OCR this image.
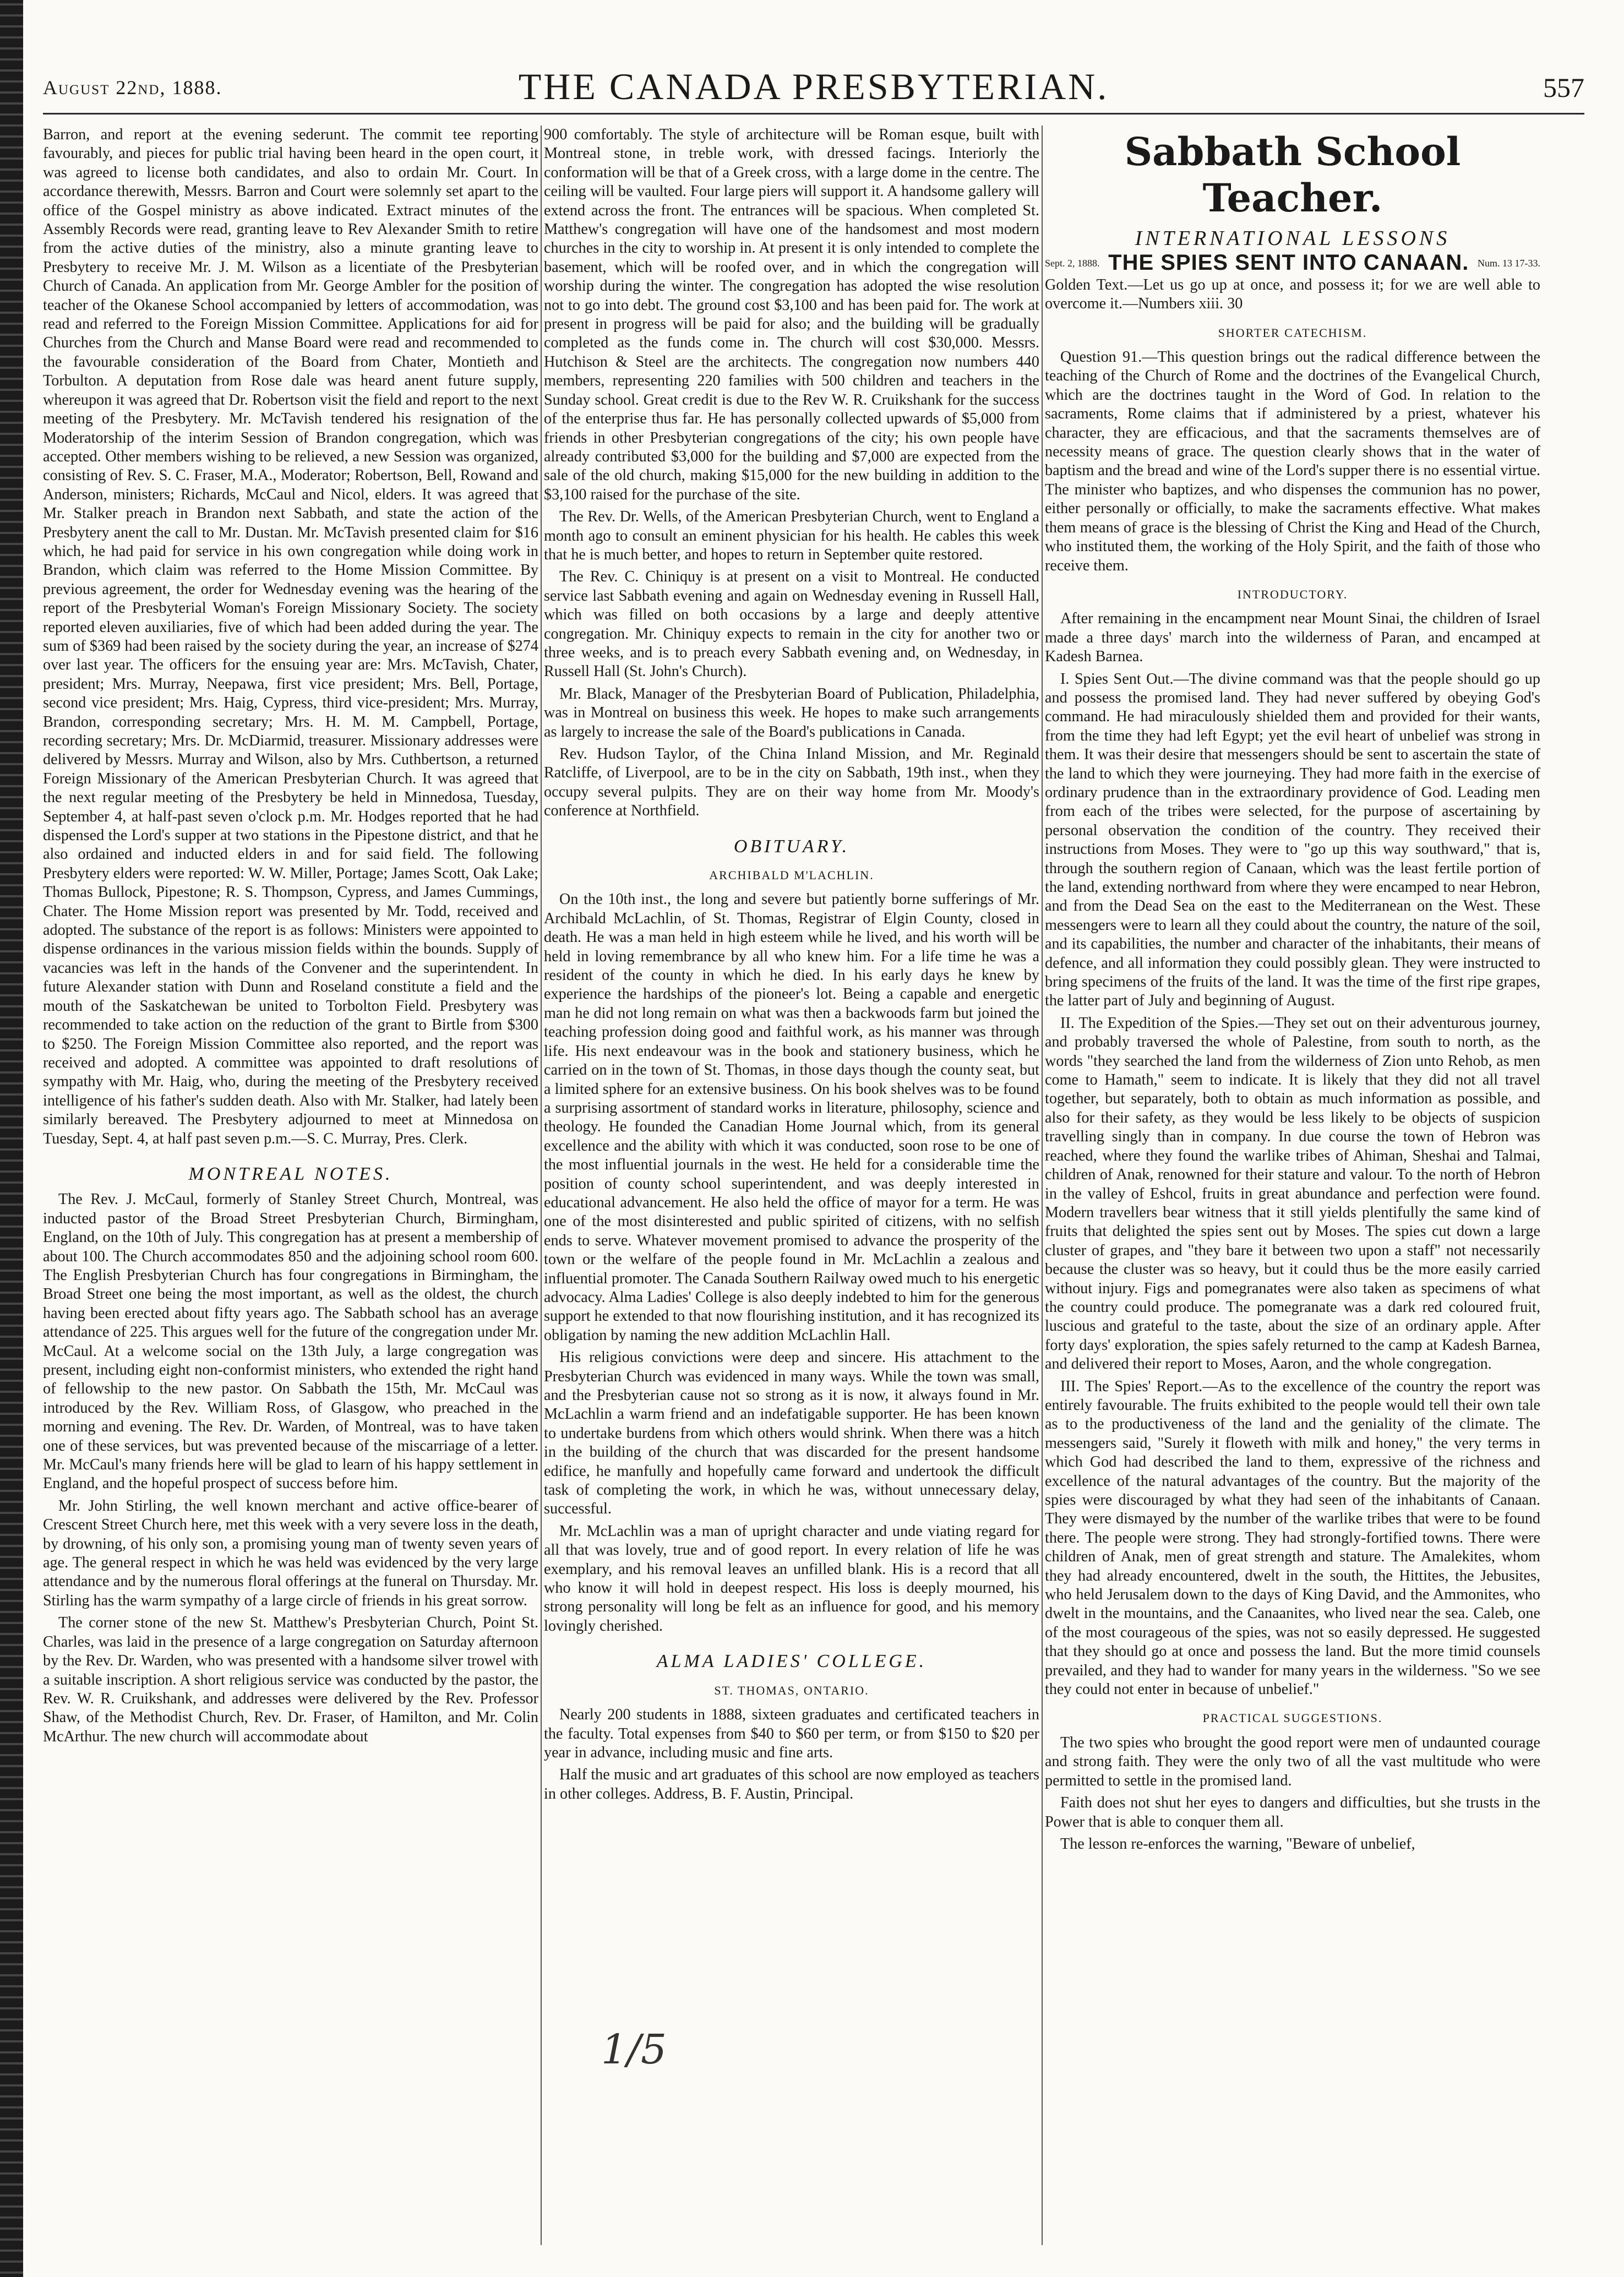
August 22nd, 1888.	THE CANADA PRESBYTERIAN.	557

Barron, and report at the evening sederunt. The commit tee reporting favourably, and pieces for public trial having been heard in the open court, it was agreed to license both candidates, and also to ordain Mr. Court. In accordance therewith, Messrs. Barron and Court were solemnly set apart to the office of the Gospel ministry as above indicated. Extract minutes of the Assembly Records were read, granting leave to Rev Alexander Smith to retire from the active duties of the ministry, also a minute granting leave to Presbytery to receive Mr. J. M. Wilson as a licentiate of the Presbyterian Church of Canada. An application from Mr. George Ambler for the position of teacher of the Okanese School accompanied by letters of accommodation, was read and referred to the Foreign Mission Committee. Applications for aid for Churches from the Church and Manse Board were read and recommended to the favourable consideration of the Board from Chater, Montieth and Torbulton. A deputation from Rose dale was heard anent future supply, whereupon it was agreed that Dr. Robertson visit the field and report to the next meeting of the Presbytery. Mr. McTavish tendered his resignation of the Moderatorship of the interim Session of Brandon congregation, which was accepted. Other members wishing to be relieved, a new Session was organized, consisting of Rev. S. C. Fraser, M.A., Moderator; Robertson, Bell, Rowand and Anderson, ministers; Richards, McCaul and Nicol, elders. It was agreed that Mr. Stalker preach in Brandon next Sabbath, and state the action of the Presbytery anent the call to Mr. Dustan. Mr. McTavish presented claim for $16 which, he had paid for service in his own congregation while doing work in Brandon, which claim was referred to the Home Mission Committee. By previous agreement, the order for Wednesday evening was the hearing of the report of the Presbyterial Woman's Foreign Missionary Society. The society reported eleven auxiliaries, five of which had been added during the year. The sum of $369 had been raised by the society during the year, an increase of $274 over last year. The officers for the ensuing year are: Mrs. McTavish, Chater, president; Mrs. Murray, Neepawa, first vice president; Mrs. Bell, Portage, second vice president; Mrs. Haig, Cypress, third vice-president; Mrs. Murray, Brandon, corresponding secretary; Mrs. H. M. M. Campbell, Portage, recording secretary; Mrs. Dr. McDiarmid, treasurer. Missionary addresses were delivered by Messrs. Murray and Wilson, also by Mrs. Cuthbertson, a returned Foreign Missionary of the American Presbyterian Church. It was agreed that the next regular meeting of the Presbytery be held in Minnedosa, Tuesday, September 4, at half-past seven o'clock p.m. Mr. Hodges reported that he had dispensed the Lord's supper at two stations in the Pipestone district, and that he also ordained and inducted elders in and for said field. The following Presbytery elders were reported: W. W. Miller, Portage; James Scott, Oak Lake; Thomas Bullock, Pipestone; R. S. Thompson, Cypress, and James Cummings, Chater. The Home Mission report was presented by Mr. Todd, received and adopted. The substance of the report is as follows: Ministers were appointed to dispense ordinances in the various mission fields within the bounds. Supply of vacancies was left in the hands of the Convener and the superintendent. In future Alexander station with Dunn and Roseland constitute a field and the mouth of the Saskatchewan be united to Torbolton Field. Presbytery was recommended to take action on the reduction of the grant to Birtle from $300 to $250. The Foreign Mission Committee also reported, and the report was received and adopted. A committee was appointed to draft resolutions of sympathy with Mr. Haig, who, during the meeting of the Presbytery received intelligence of his father's sudden death. Also with Mr. Stalker, had lately been similarly bereaved. The Presbytery adjourned to meet at Minnedosa on Tuesday, Sept. 4, at half past seven p.m.—S. C. Murray, Pres. Clerk.

MONTREAL NOTES.

The Rev. J. McCaul, formerly of Stanley Street Church, Montreal, was inducted pastor of the Broad Street Presbyterian Church, Birmingham, England, on the 10th of July. This congregation has at present a membership of about 100. The Church accommodates 850 and the adjoining school room 600. The English Presbyterian Church has four congregations in Birmingham, the Broad Street one being the most important, as well as the oldest, the church having been erected about fifty years ago. The Sabbath school has an average attendance of 225. This argues well for the future of the congregation under Mr. McCaul. At a welcome social on the 13th July, a large congregation was present, including eight non-conformist ministers, who extended the right hand of fellowship to the new pastor. On Sabbath the 15th, Mr. McCaul was introduced by the Rev. William Ross, of Glasgow, who preached in the morning and evening. The Rev. Dr. Warden, of Montreal, was to have taken one of these services, but was prevented because of the miscarriage of a letter. Mr. McCaul's many friends here will be glad to learn of his happy settlement in England, and the hopeful prospect of success before him.

Mr. John Stirling, the well known merchant and active office-bearer of Crescent Street Church here, met this week with a very severe loss in the death, by drowning, of his only son, a promising young man of twenty seven years of age. The general respect in which he was held was evidenced by the very large attendance and by the numerous floral offerings at the funeral on Thursday. Mr. Stirling has the warm sympathy of a large circle of friends in his great sorrow.

The corner stone of the new St. Matthew's Presbyterian Church, Point St. Charles, was laid in the presence of a large congregation on Saturday afternoon by the Rev. Dr. Warden, who was presented with a handsome silver trowel with a suitable inscription. A short religious service was conducted by the pastor, the Rev. W. R. Cruikshank, and addresses were delivered by the Rev. Professor Shaw, of the Methodist Church, Rev. Dr. Fraser, of Hamilton, and Mr. Colin McArthur. The new church will accommodate about

900 comfortably. The style of architecture will be Roman esque, built with Montreal stone, in treble work, with dressed facings. Interiorly the conformation will be that of a Greek cross, with a large dome in the centre. The ceiling will be vaulted. Four large piers will support it. A handsome gallery will extend across the front. The entrances will be spacious. When completed St. Matthew's congregation will have one of the handsomest and most modern churches in the city to worship in. At present it is only intended to complete the basement, which will be roofed over, and in which the congregation will worship during the winter. The congregation has adopted the wise resolution not to go into debt. The ground cost $3,100 and has been paid for. The work at present in progress will be paid for also; and the building will be gradually completed as the funds come in. The church will cost $30,000. Messrs. Hutchison & Steel are the architects. The congregation now numbers 440 members, representing 220 families with 500 children and teachers in the Sunday school. Great credit is due to the Rev W. R. Cruikshank for the success of the enterprise thus far. He has personally collected upwards of $5,000 from friends in other Presbyterian congregations of the city; his own people have already contributed $3,000 for the building and $7,000 are expected from the sale of the old church, making $15,000 for the new building in addition to the $3,100 raised for the purchase of the site.

The Rev. Dr. Wells, of the American Presbyterian Church, went to England a month ago to consult an eminent physician for his health. He cables this week that he is much better, and hopes to return in September quite restored.

The Rev. C. Chiniquy is at present on a visit to Montreal. He conducted service last Sabbath evening and again on Wednesday evening in Russell Hall, which was filled on both occasions by a large and deeply attentive congregation. Mr. Chiniquy expects to remain in the city for another two or three weeks, and is to preach every Sabbath evening and, on Wednesday, in Russell Hall (St. John's Church).

Mr. Black, Manager of the Presbyterian Board of Publication, Philadelphia, was in Montreal on business this week. He hopes to make such arrangements as largely to increase the sale of the Board's publications in Canada.

Rev. Hudson Taylor, of the China Inland Mission, and Mr. Reginald Ratcliffe, of Liverpool, are to be in the city on Sabbath, 19th inst., when they occupy several pulpits. They are on their way home from Mr. Moody's conference at Northfield.

OBITUARY.
ARCHIBALD M'LACHLIN.

On the 10th inst., the long and severe but patiently borne sufferings of Mr. Archibald McLachlin, of St. Thomas, Registrar of Elgin County, closed in death. He was a man held in high esteem while he lived, and his worth will be held in loving remembrance by all who knew him. For a life time he was a resident of the county in which he died. In his early days he knew by experience the hardships of the pioneer's lot. Being a capable and energetic man he did not long remain on what was then a backwoods farm but joined the teaching profession doing good and faithful work, as his manner was through life. His next endeavour was in the book and stationery business, which he carried on in the town of St. Thomas, in those days though the county seat, but a limited sphere for an extensive business. On his book shelves was to be found a surprising assortment of standard works in literature, philosophy, science and theology. He founded the Canadian Home Journal which, from its general excellence and the ability with which it was conducted, soon rose to be one of the most influential journals in the west. He held for a considerable time the position of county school superintendent, and was deeply interested in educational advancement. He also held the office of mayor for a term. He was one of the most disinterested and public spirited of citizens, with no selfish ends to serve. Whatever movement promised to advance the prosperity of the town or the welfare of the people found in Mr. McLachlin a zealous and influential promoter. The Canada Southern Railway owed much to his energetic advocacy. Alma Ladies' College is also deeply indebted to him for the generous support he extended to that now flourishing institution, and it has recognized its obligation by naming the new addition McLachlin Hall.

His religious convictions were deep and sincere. His attachment to the Presbyterian Church was evidenced in many ways. While the town was small, and the Presbyterian cause not so strong as it is now, it always found in Mr. McLachlin a warm friend and an indefatigable supporter. He has been known to undertake burdens from which others would shrink. When there was a hitch in the building of the church that was discarded for the present handsome edifice, he manfully and hopefully came forward and undertook the difficult task of completing the work, in which he was, without unnecessary delay, successful.

Mr. McLachlin was a man of upright character and unde viating regard for all that was lovely, true and of good report. In every relation of life he was exemplary, and his removal leaves an unfilled blank. His is a record that all who know it will hold in deepest respect. His loss is deeply mourned, his strong personality will long be felt as an influence for good, and his memory lovingly cherished.

ALMA LADIES' COLLEGE.
ST. THOMAS, ONTARIO.

Nearly 200 students in 1888, sixteen graduates and certificated teachers in the faculty. Total expenses from $40 to $60 per term, or from $150 to $20 per year in advance, including music and fine arts.

Half the music and art graduates of this school are now employed as teachers in other colleges. Address, B. F. Austin, Principal.

1/5
Sabbath School Teacher.
INTERNATIONAL LESSONS
Sept. 2, 1888. THE SPIES SENT INTO CANAAN. Num. 13 17-33.

Golden Text.—Let us go up at once, and possess it; for we are well able to overcome it.—Numbers xiii. 30

SHORTER CATECHISM.

Question 91.—This question brings out the radical difference between the teaching of the Church of Rome and the doctrines of the Evangelical Church, which are the doctrines taught in the Word of God. In relation to the sacraments, Rome claims that if administered by a priest, whatever his character, they are efficacious, and that the sacraments themselves are of necessity means of grace. The question clearly shows that in the water of baptism and the bread and wine of the Lord's supper there is no essential virtue. The minister who baptizes, and who dispenses the communion has no power, either personally or officially, to make the sacraments effective. What makes them means of grace is the blessing of Christ the King and Head of the Church, who instituted them, the working of the Holy Spirit, and the faith of those who receive them.

INTRODUCTORY.

After remaining in the encampment near Mount Sinai, the children of Israel made a three days' march into the wilderness of Paran, and encamped at Kadesh Barnea.

I. Spies Sent Out.—The divine command was that the people should go up and possess the promised land. They had never suffered by obeying God's command. He had miraculously shielded them and provided for their wants, from the time they had left Egypt; yet the evil heart of unbelief was strong in them. It was their desire that messengers should be sent to ascertain the state of the land to which they were journeying. They had more faith in the exercise of ordinary prudence than in the extraordinary providence of God. Leading men from each of the tribes were selected, for the purpose of ascertaining by personal observation the condition of the country. They received their instructions from Moses. They were to "go up this way southward," that is, through the southern region of Canaan, which was the least fertile portion of the land, extending northward from where they were encamped to near Hebron, and from the Dead Sea on the east to the Mediterranean on the West. These messengers were to learn all they could about the country, the nature of the soil, and its capabilities, the number and character of the inhabitants, their means of defence, and all information they could possibly glean. They were instructed to bring specimens of the fruits of the land. It was the time of the first ripe grapes, the latter part of July and beginning of August.

II. The Expedition of the Spies.—They set out on their adventurous journey, and probably traversed the whole of Palestine, from south to north, as the words "they searched the land from the wilderness of Zion unto Rehob, as men come to Hamath," seem to indicate. It is likely that they did not all travel together, but separately, both to obtain as much information as possible, and also for their safety, as they would be less likely to be objects of suspicion travelling singly than in company. In due course the town of Hebron was reached, where they found the warlike tribes of Ahiman, Sheshai and Talmai, children of Anak, renowned for their stature and valour. To the north of Hebron in the valley of Eshcol, fruits in great abundance and perfection were found. Modern travellers bear witness that it still yields plentifully the same kind of fruits that delighted the spies sent out by Moses. The spies cut down a large cluster of grapes, and "they bare it between two upon a staff" not necessarily because the cluster was so heavy, but it could thus be the more easily carried without injury. Figs and pomegranates were also taken as specimens of what the country could produce. The pomegranate was a dark red coloured fruit, luscious and grateful to the taste, about the size of an ordinary apple. After forty days' exploration, the spies safely returned to the camp at Kadesh Barnea, and delivered their report to Moses, Aaron, and the whole congregation.

III. The Spies' Report.—As to the excellence of the country the report was entirely favourable. The fruits exhibited to the people would tell their own tale as to the productiveness of the land and the geniality of the climate. The messengers said, "Surely it floweth with milk and honey," the very terms in which God had described the land to them, expressive of the richness and excellence of the natural advantages of the country. But the majority of the spies were discouraged by what they had seen of the inhabitants of Canaan. They were dismayed by the number of the warlike tribes that were to be found there. The people were strong. They had strongly-fortified towns. There were children of Anak, men of great strength and stature. The Amalekites, whom they had already encountered, dwelt in the south, the Hittites, the Jebusites, who held Jerusalem down to the days of King David, and the Ammonites, who dwelt in the mountains, and the Canaanites, who lived near the sea. Caleb, one of the most courageous of the spies, was not so easily depressed. He suggested that they should go at once and possess the land. But the more timid counsels prevailed, and they had to wander for many years in the wilderness. "So we see they could not enter in because of unbelief."

PRACTICAL SUGGESTIONS.

The two spies who brought the good report were men of undaunted courage and strong faith. They were the only two of all the vast multitude who were permitted to settle in the promised land.

Faith does not shut her eyes to dangers and difficulties, but she trusts in the Power that is able to conquer them all.

The lesson re-enforces the warning, "Beware of unbelief,
